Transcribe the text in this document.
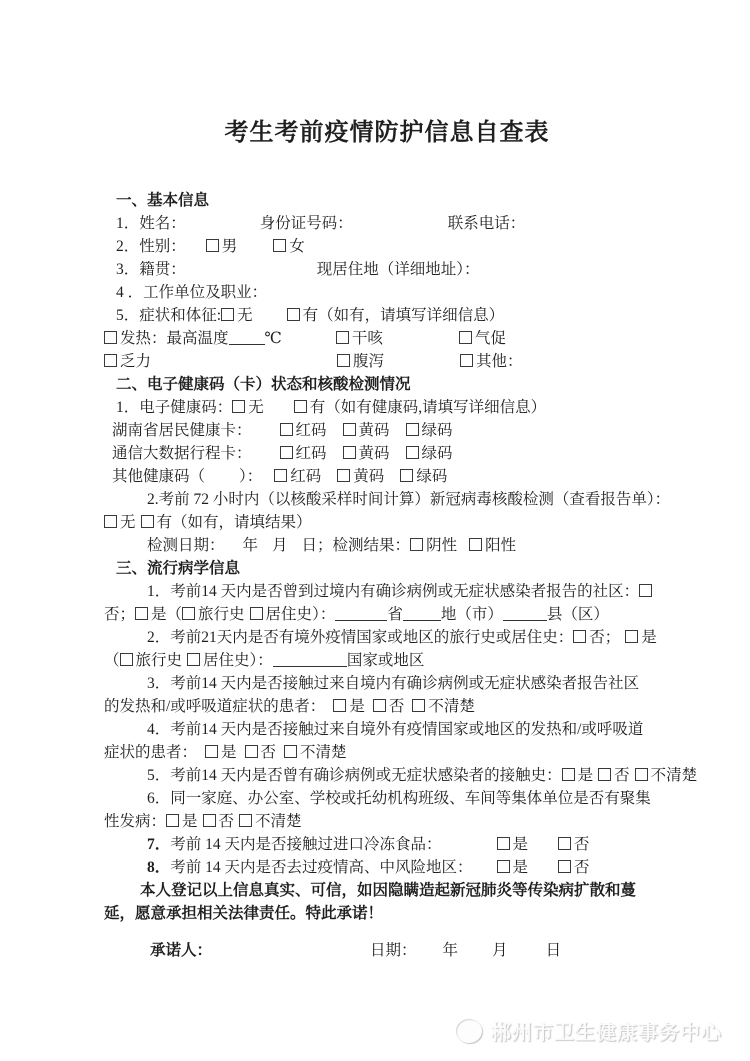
考生考前疫情防护信息自查表
一、基本信息
1．姓名：	身份证号码：	联系电话：
2．性别： 男	女
3．籍贯：	现居住地（详细地址）：
4 ．工作单位及职业：
5．症状和体征: 无	有（如有，请填写详细信息）
发热：最高温度 ℃	干咳	气促
乏力	腹泻	其他：
二、电子健康码（卡）状态和核酸检测情况
1．电子健康码： 无	有（如有健康码,请填写详细信息）
湖南省居民健康卡：	红码 黄码 绿码
通信大数据行程卡：	红码 黄码 绿码
其他健康码（ ）： 红码 黄码 绿码
2.考前 72 小时内（以核酸采样时间计算）新冠病毒核酸检测（查看报告单）：
无 有（如有，请填结果）
检测日期： 年 月 日；检测结果： 阴性 阳性
三、流行病学信息
1．考前14 天内是否曾到过境内有确诊病例或无症状感染者报告的社区：
否； 是（ 旅行史 居住史）：	省 地（市）	县（区）
2．考前21天内是否有境外疫情国家或地区的旅行史或居住史： 否； 是
（ 旅行史 居住史）：	国家或地区
3．考前14 天内是否接触过来自境内有确诊病例或无症状感染者报告社区
的发热和/或呼吸道症状的患者： 是 否 不清楚
4．考前14 天内是否接触过来自境外有疫情国家或地区的发热和/或呼吸道
症状的患者： 是 否 不清楚
5．考前14 天内是否曾有确诊病例或无症状感染者的接触史： 是 否 不清楚
6．同一家庭、办公室、学校或托幼机构班级、车间等集体单位是否有聚集
性发病： 是 否 不清楚
7．考前 14 天内是否接触过进口冷冻食品：	是	否
8．考前 14 天内是否去过疫情高、中风险地区：	是	否
本人登记以上信息真实、可信，如因隐瞒造起新冠肺炎等传染病扩散和蔓
延，愿意承担相关法律责任。特此承诺！
承诺人：	日期： 年 月 日
郴州市卫生健康事务中心
